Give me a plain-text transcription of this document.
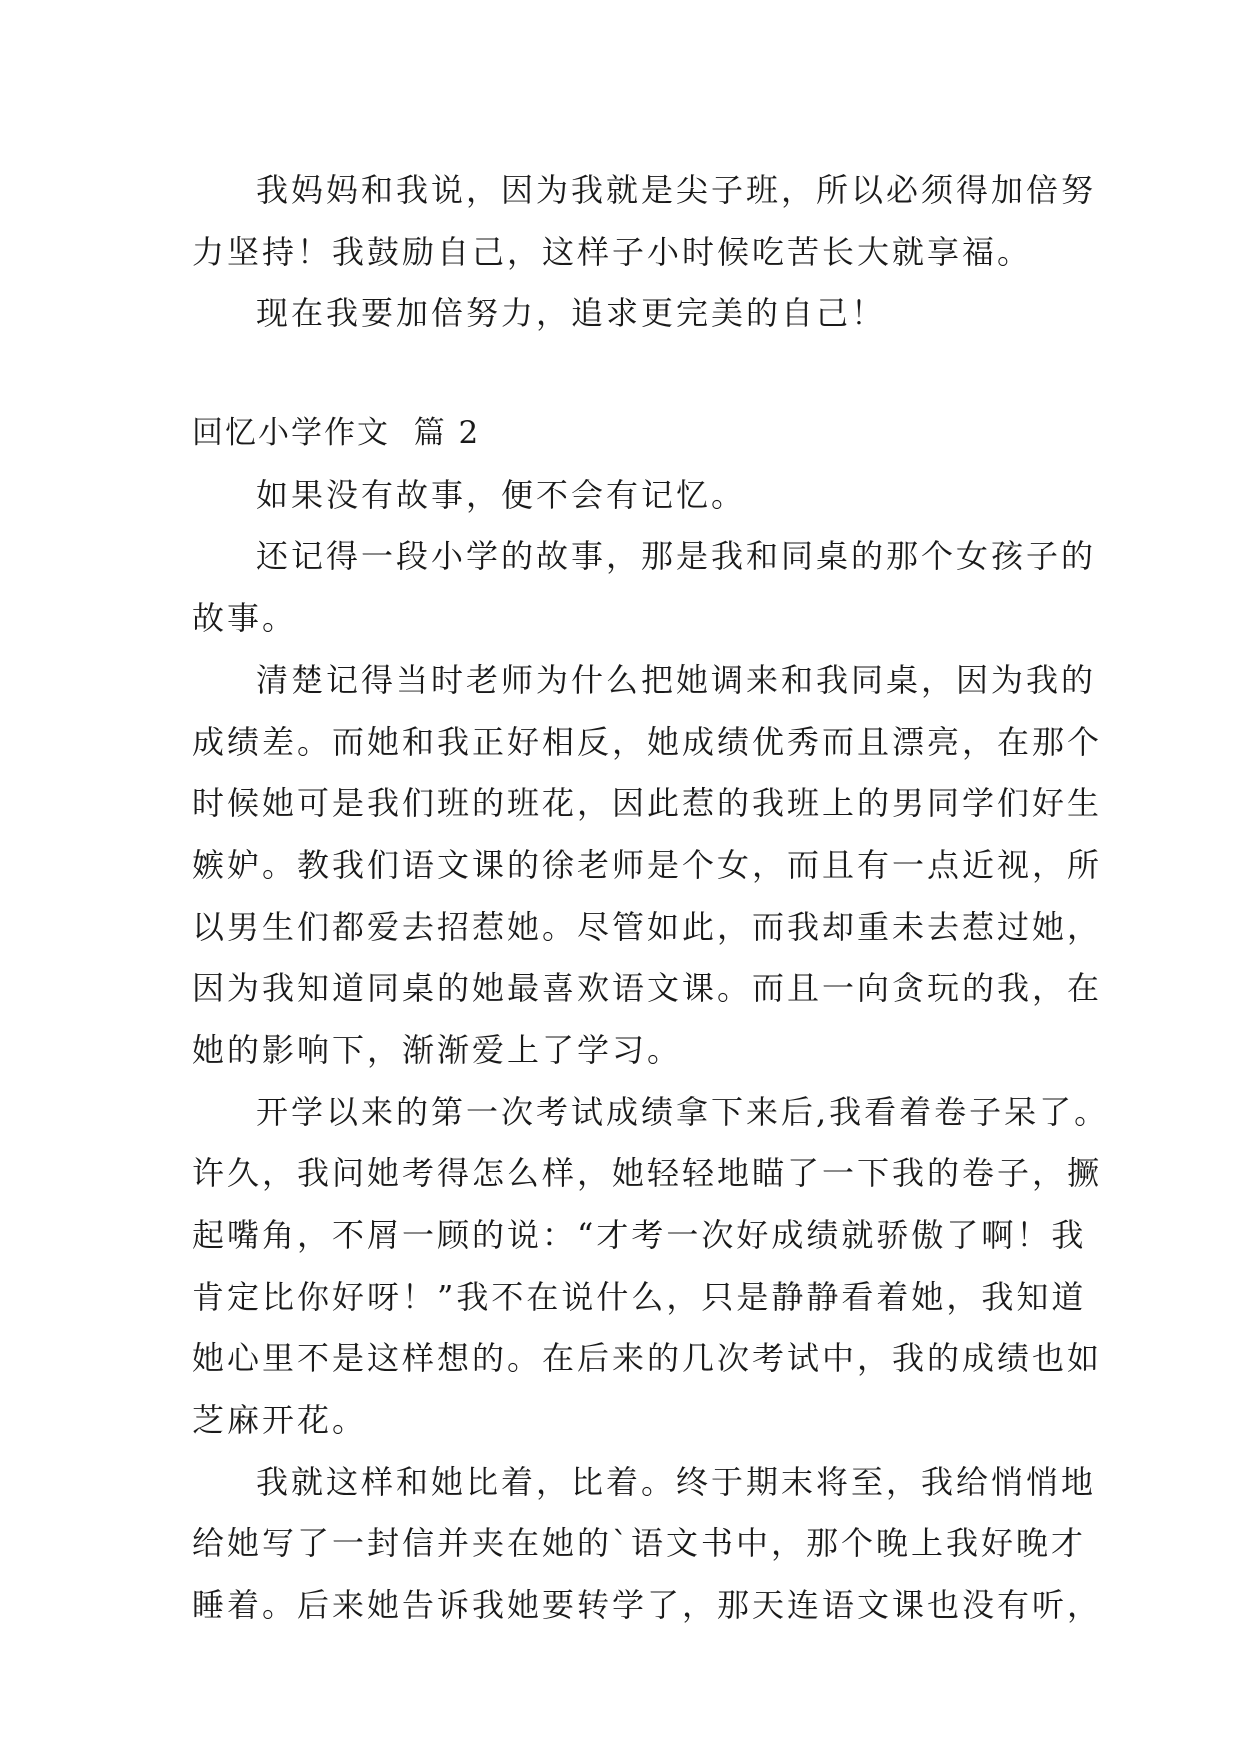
我妈妈和我说，因为我就是尖子班，所以必须得加倍努
力坚持！我鼓励自己，这样子小时候吃苦长大就享福。
现在我要加倍努力，追求更完美的自己！
回忆小学作文  篇 2
如果没有故事，便不会有记忆。
还记得一段小学的故事，那是我和同桌的那个女孩子的
故事。
清楚记得当时老师为什么把她调来和我同桌，因为我的
成绩差。而她和我正好相反，她成绩优秀而且漂亮，在那个
时候她可是我们班的班花，因此惹的我班上的男同学们好生
嫉妒。教我们语文课的徐老师是个女，而且有一点近视，所
以男生们都爱去招惹她。尽管如此，而我却重未去惹过她，
因为我知道同桌的她最喜欢语文课。而且一向贪玩的我，在
她的影响下，渐渐爱上了学习。
开学以来的第一次考试成绩拿下来后,我看着卷子呆了。
许久，我问她考得怎么样，她轻轻地瞄了一下我的卷子，撅
起嘴角，不屑一顾的说：“才考一次好成绩就骄傲了啊！我
肯定比你好呀！”我不在说什么，只是静静看着她，我知道
她心里不是这样想的。在后来的几次考试中，我的成绩也如
芝麻开花。
我就这样和她比着，比着。终于期末将至，我给悄悄地
给她写了一封信并夹在她的`语文书中，那个晚上我好晚才
睡着。后来她告诉我她要转学了，那天连语文课也没有听，
